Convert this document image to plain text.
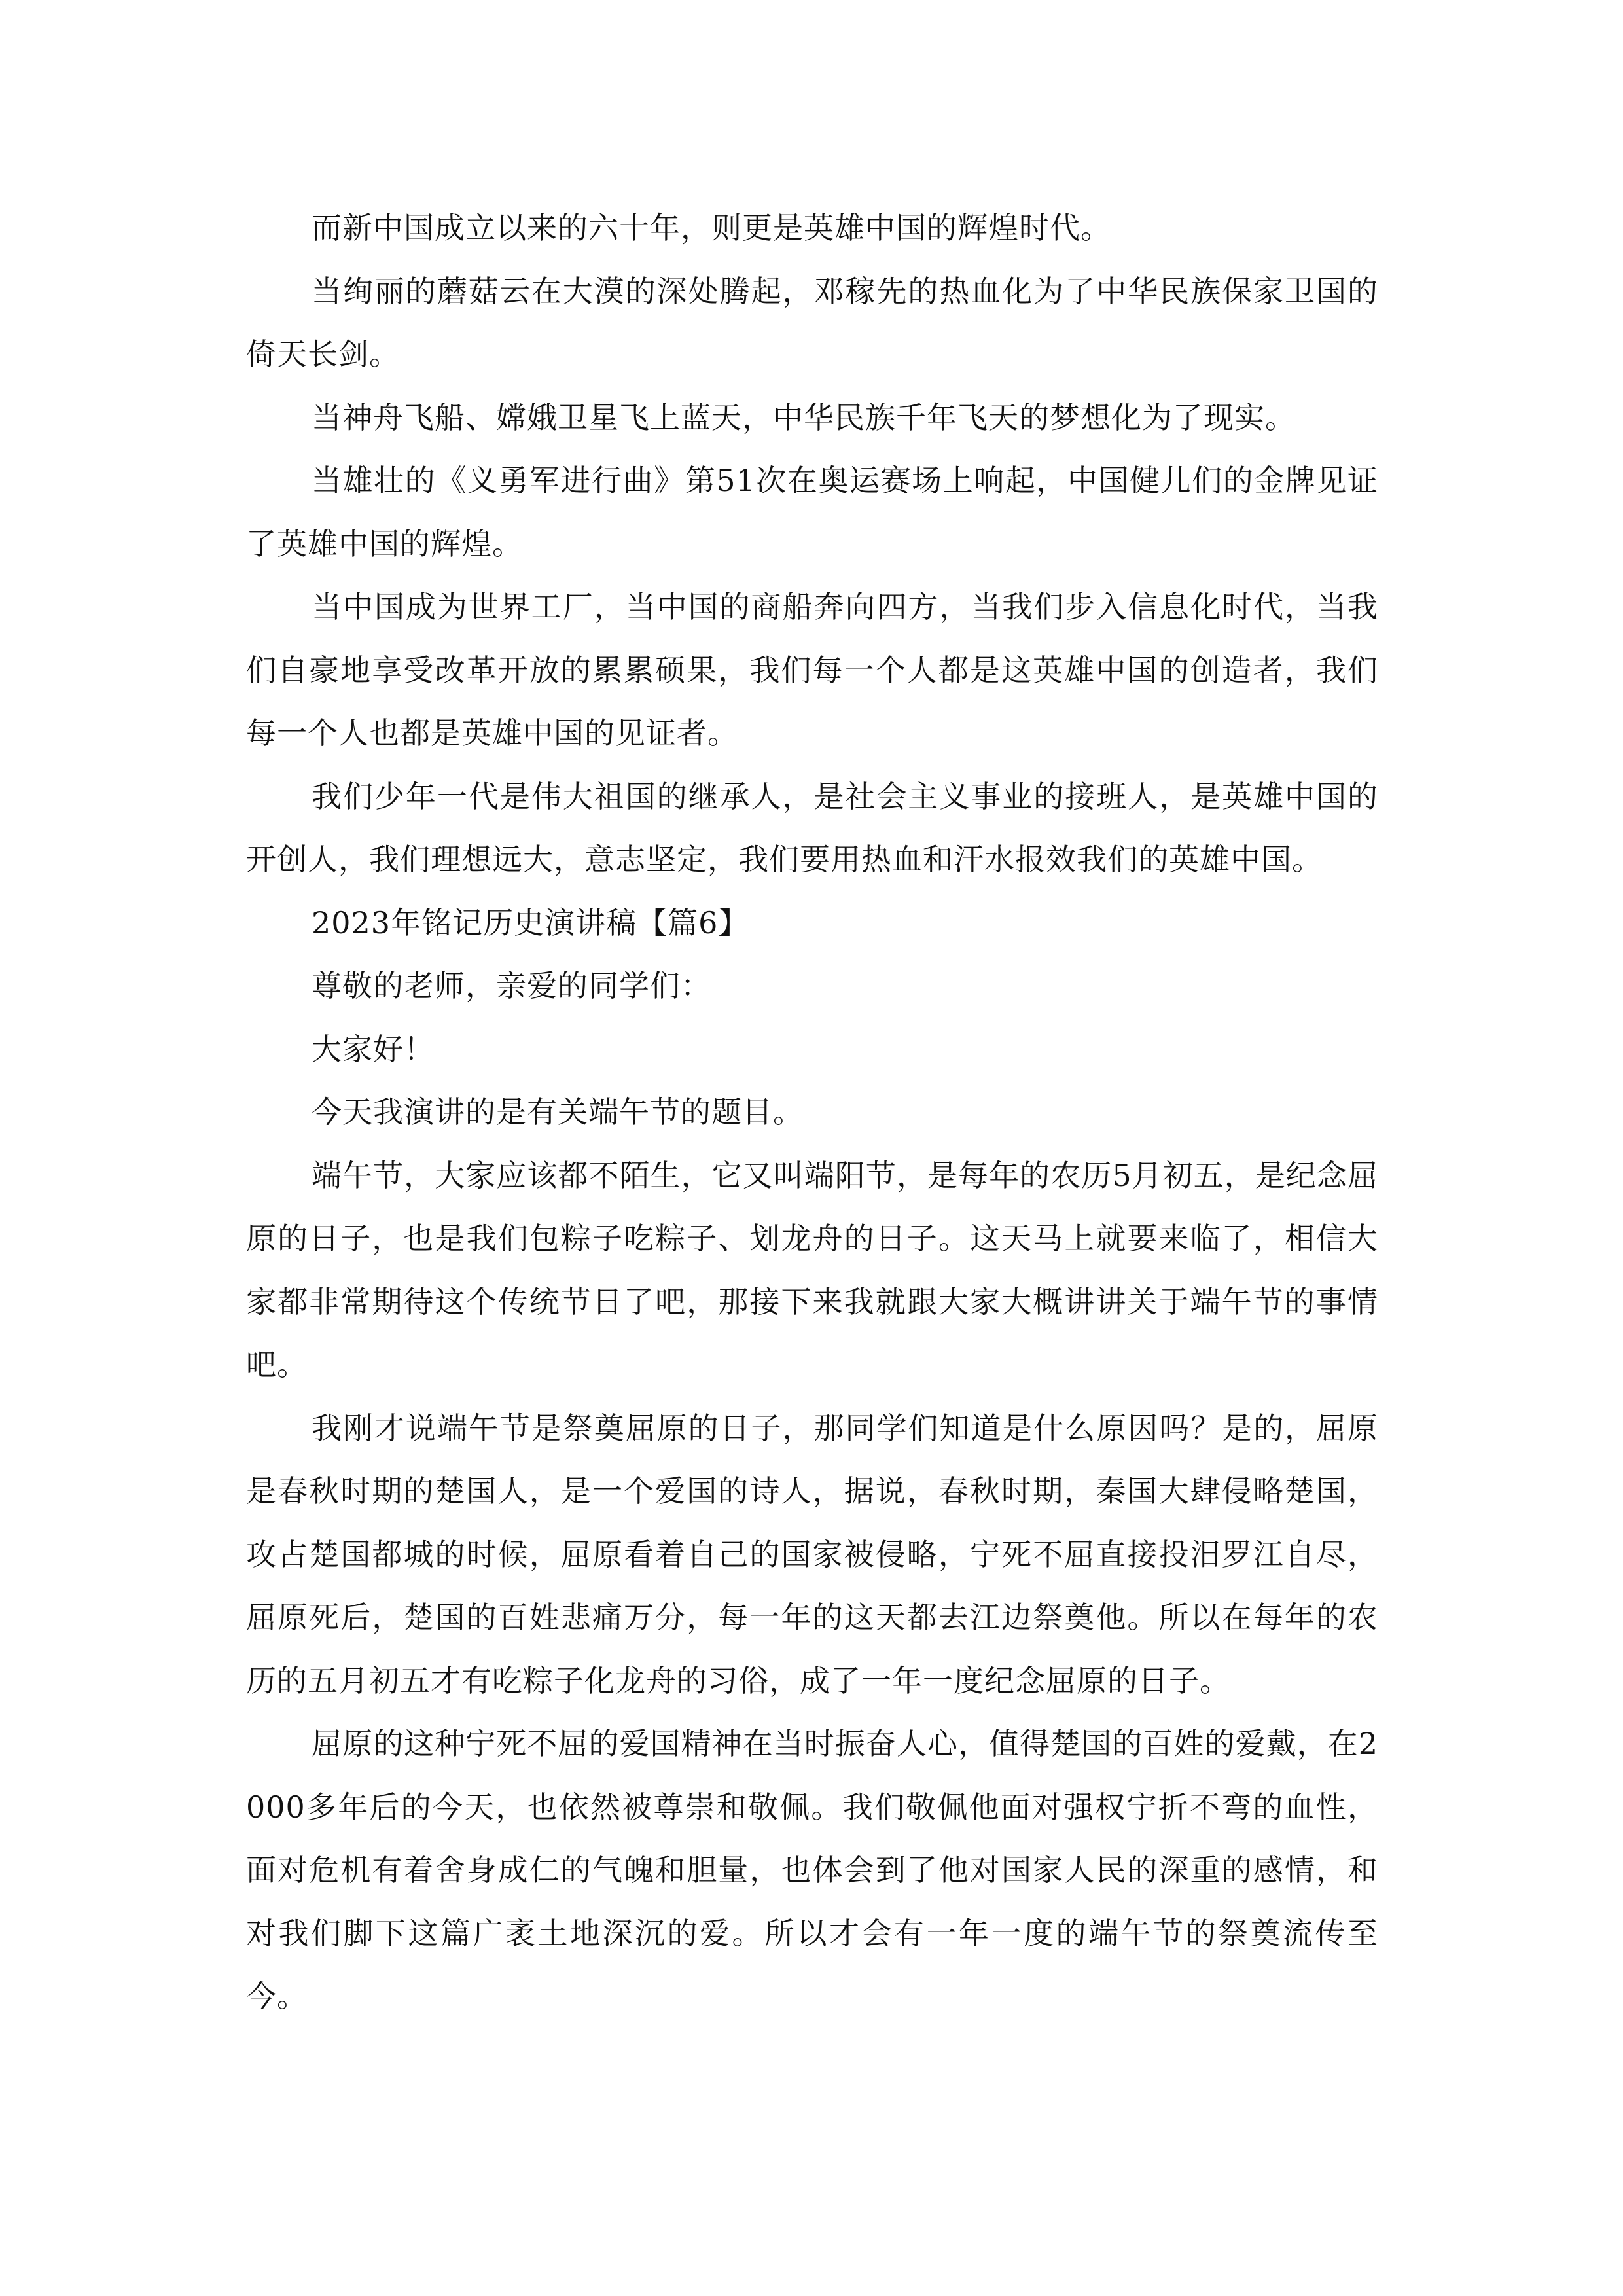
而新中国成立以来的六十年，则更是英雄中国的辉煌时代。

当绚丽的蘑菇云在大漠的深处腾起，邓稼先的热血化为了中华民族保家卫国的倚天长剑。

当神舟飞船、嫦娥卫星飞上蓝天，中华民族千年飞天的梦想化为了现实。

当雄壮的《义勇军进行曲》第51次在奥运赛场上响起，中国健儿们的金牌见证了英雄中国的辉煌。

当中国成为世界工厂，当中国的商船奔向四方，当我们步入信息化时代，当我们自豪地享受改革开放的累累硕果，我们每一个人都是这英雄中国的创造者，我们每一个人也都是英雄中国的见证者。

我们少年一代是伟大祖国的继承人，是社会主义事业的接班人，是英雄中国的开创人，我们理想远大，意志坚定，我们要用热血和汗水报效我们的英雄中国。

2023年铭记历史演讲稿【篇6】

尊敬的老师，亲爱的同学们：

大家好！

今天我演讲的是有关端午节的题目。

端午节，大家应该都不陌生，它又叫端阳节，是每年的农历5月初五，是纪念屈原的日子，也是我们包粽子吃粽子、划龙舟的日子。这天马上就要来临了，相信大家都非常期待这个传统节日了吧，那接下来我就跟大家大概讲讲关于端午节的事情吧。

我刚才说端午节是祭奠屈原的日子，那同学们知道是什么原因吗？是的，屈原是春秋时期的楚国人，是一个爱国的诗人，据说，春秋时期，秦国大肆侵略楚国，攻占楚国都城的时候，屈原看着自己的国家被侵略，宁死不屈直接投汨罗江自尽，屈原死后，楚国的百姓悲痛万分，每一年的这天都去江边祭奠他。所以在每年的农历的五月初五才有吃粽子化龙舟的习俗，成了一年一度纪念屈原的日子。

屈原的这种宁死不屈的爱国精神在当时振奋人心，值得楚国的百姓的爱戴，在2000多年后的今天，也依然被尊崇和敬佩。我们敬佩他面对强权宁折不弯的血性，面对危机有着舍身成仁的气魄和胆量，也体会到了他对国家人民的深重的感情，和对我们脚下这篇广袤土地深沉的爱。所以才会有一年一度的端午节的祭奠流传至今。
